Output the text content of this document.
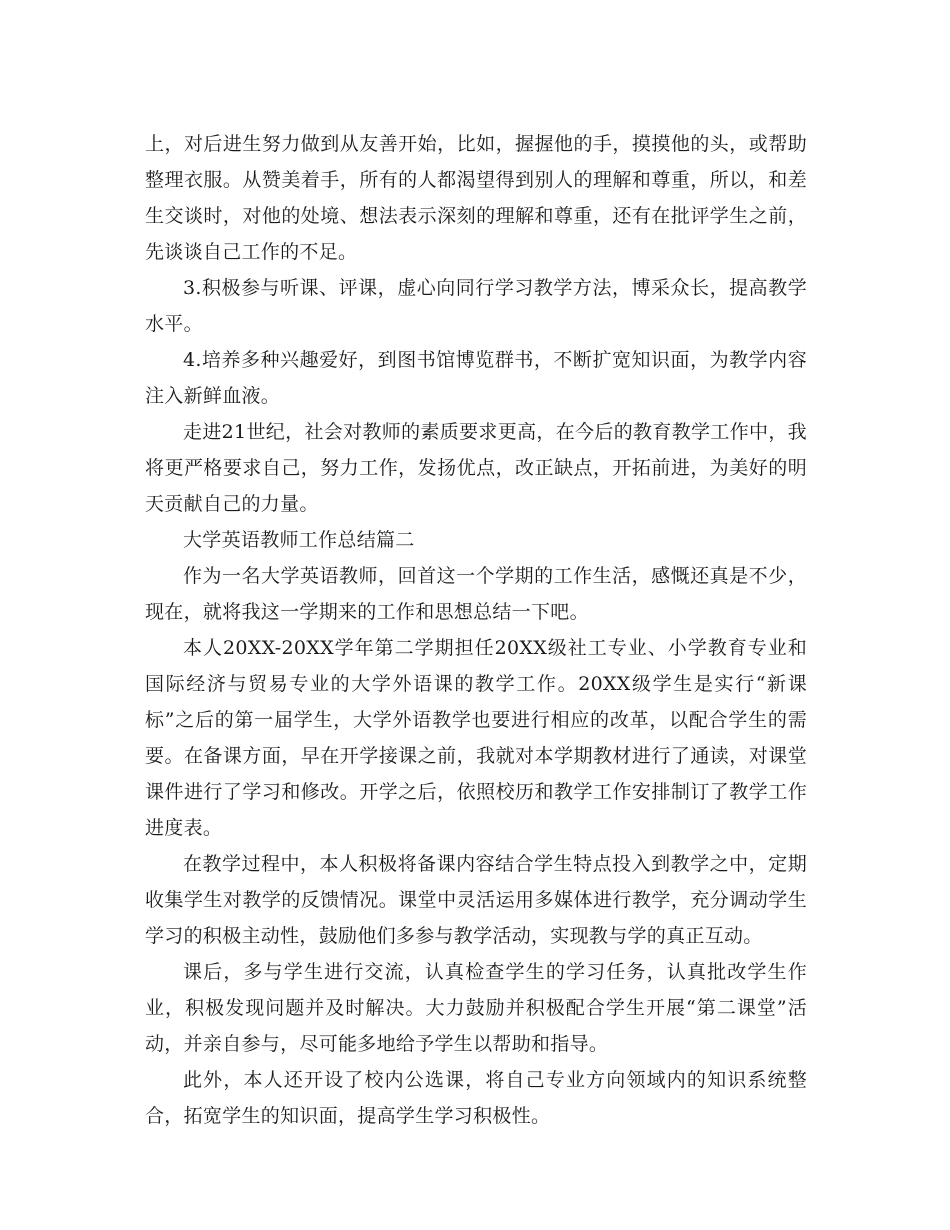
上，对后进生努力做到从友善开始，比如，握握他的手，摸摸他的头，或帮助整理衣服。从赞美着手，所有的人都渴望得到别人的理解和尊重，所以，和差生交谈时，对他的处境、想法表示深刻的理解和尊重，还有在批评学生之前，先谈谈自己工作的不足。

3.积极参与听课、评课，虚心向同行学习教学方法，博采众长，提高教学水平。

4.培养多种兴趣爱好，到图书馆博览群书，不断扩宽知识面，为教学内容注入新鲜血液。

走进21世纪，社会对教师的素质要求更高，在今后的教育教学工作中，我将更严格要求自己，努力工作，发扬优点，改正缺点，开拓前进，为美好的明天贡献自己的力量。

大学英语教师工作总结篇二

作为一名大学英语教师，回首这一个学期的工作生活，感慨还真是不少，现在，就将我这一学期来的工作和思想总结一下吧。

本人20XX-20XX学年第二学期担任20XX级社工专业、小学教育专业和国际经济与贸易专业的大学外语课的教学工作。20XX级学生是实行“新课标”之后的第一届学生，大学外语教学也要进行相应的改革，以配合学生的需要。在备课方面，早在开学接课之前，我就对本学期教材进行了通读，对课堂课件进行了学习和修改。开学之后，依照校历和教学工作安排制订了教学工作进度表。

在教学过程中，本人积极将备课内容结合学生特点投入到教学之中，定期收集学生对教学的反馈情况。课堂中灵活运用多媒体进行教学，充分调动学生学习的积极主动性，鼓励他们多参与教学活动，实现教与学的真正互动。

课后，多与学生进行交流，认真检查学生的学习任务，认真批改学生作业，积极发现问题并及时解决。大力鼓励并积极配合学生开展“第二课堂”活动，并亲自参与，尽可能多地给予学生以帮助和指导。

此外，本人还开设了校内公选课，将自己专业方向领域内的知识系统整合，拓宽学生的知识面，提高学生学习积极性。
